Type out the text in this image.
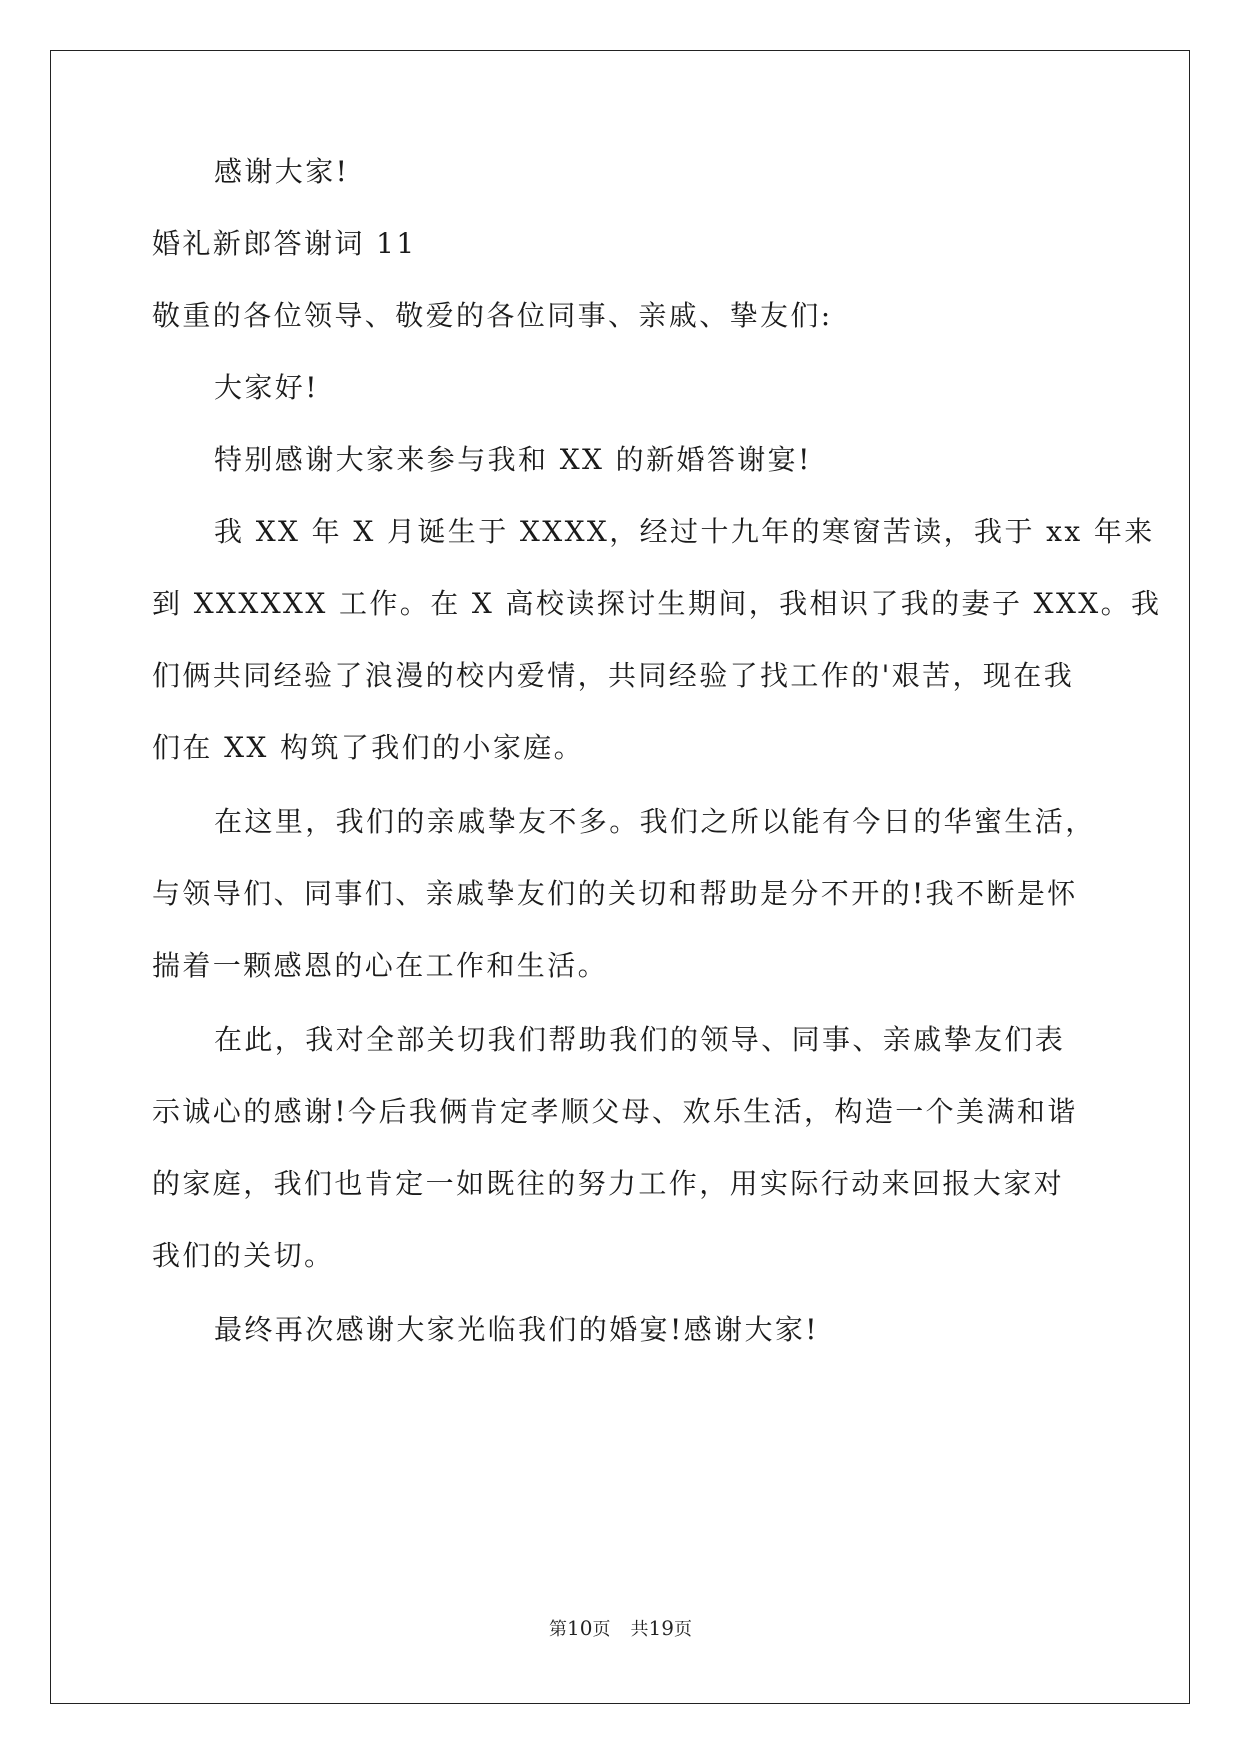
感谢大家!
婚礼新郎答谢词 11
敬重的各位领导、敬爱的各位同事、亲戚、挚友们:
大家好!
特别感谢大家来参与我和 XX 的新婚答谢宴!
我 XX 年 X 月诞生于 XXXX，经过十九年的寒窗苦读，我于 xx 年来
到 XXXXXX 工作。在 X 高校读探讨生期间，我相识了我的妻子 XXX。我
们俩共同经验了浪漫的校内爱情，共同经验了找工作的'艰苦，现在我
们在 XX 构筑了我们的小家庭。
在这里，我们的亲戚挚友不多。我们之所以能有今日的华蜜生活，
与领导们、同事们、亲戚挚友们的关切和帮助是分不开的!我不断是怀
揣着一颗感恩的心在工作和生活。
在此，我对全部关切我们帮助我们的领导、同事、亲戚挚友们表
示诚心的感谢!今后我俩肯定孝顺父母、欢乐生活，构造一个美满和谐
的家庭，我们也肯定一如既往的努力工作，用实际行动来回报大家对
我们的关切。
最终再次感谢大家光临我们的婚宴!感谢大家!
第10页 共19页
